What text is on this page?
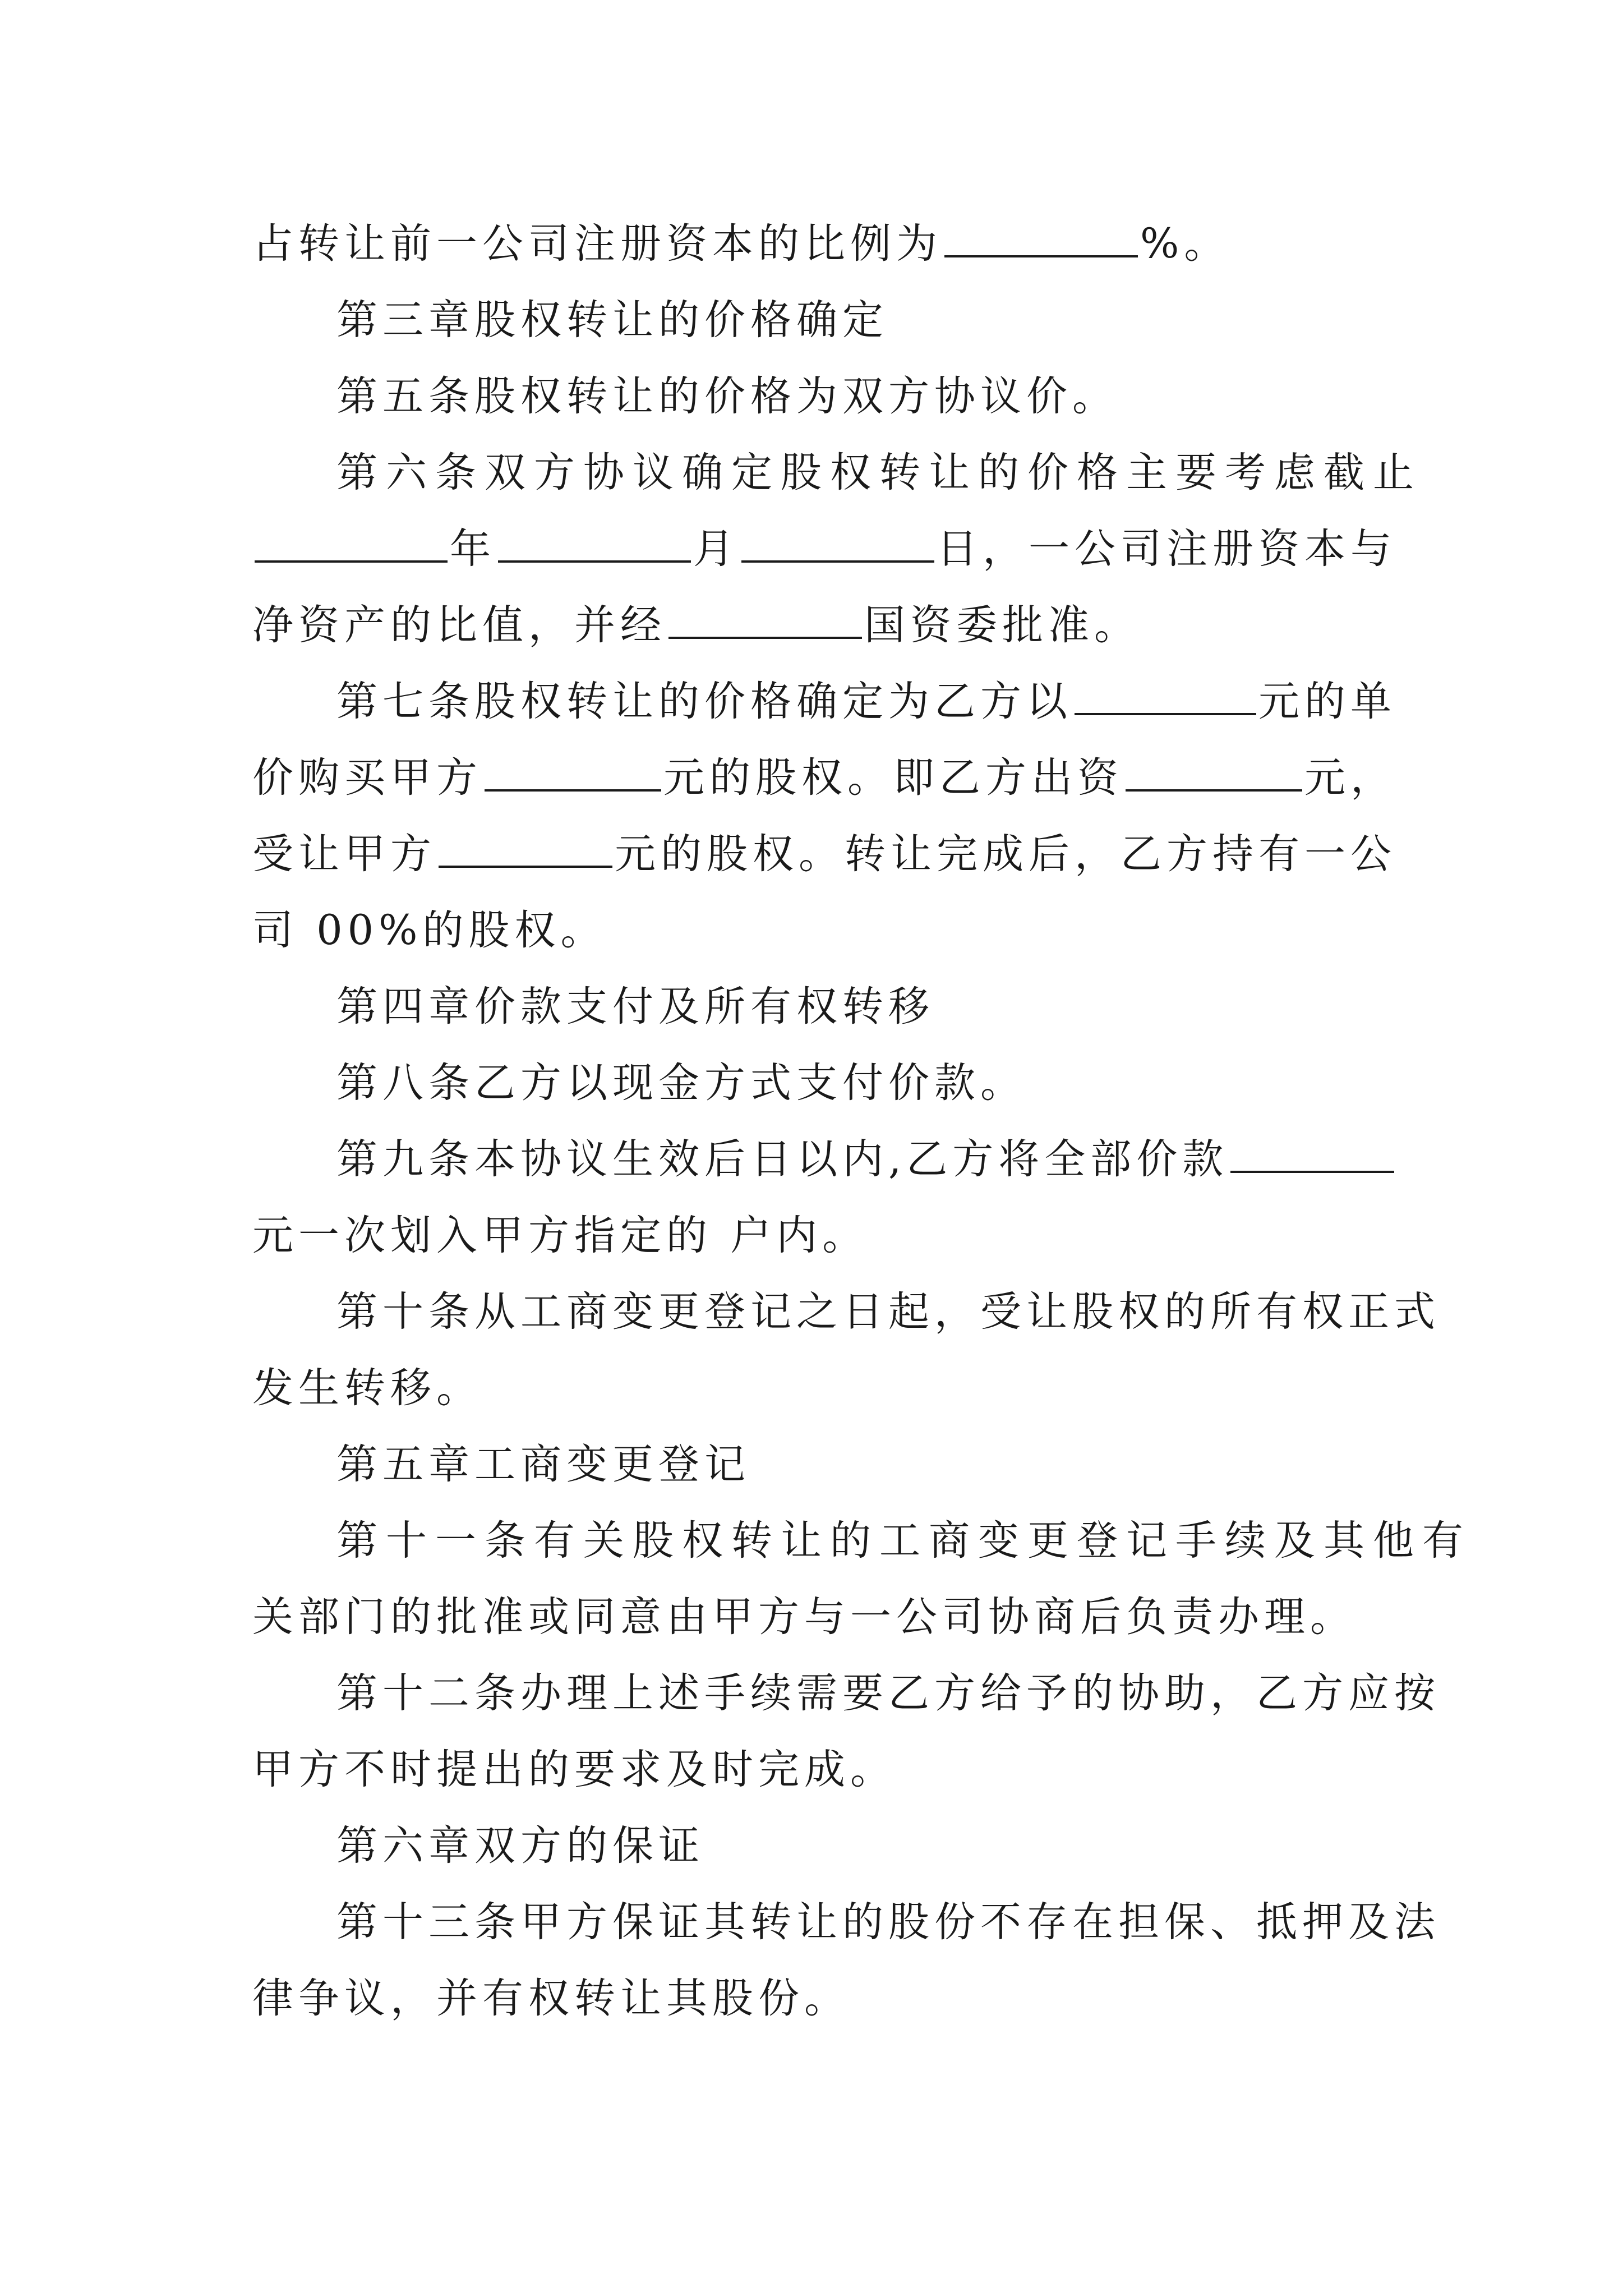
占转让前一公司注册资本的比例为	%。
第三章股权转让的价格确定
第五条股权转让的价格为双方协议价。
第六条双方协议确定股权转让的价格主要考虑截止
年	月	日，一公司注册资本与
净资产的比值，并经	国资委批准。
第七条股权转让的价格确定为乙方以	元的单
价购买甲方	元的股权。即乙方出资	元，
受让甲方	元的股权。转让完成后，乙方持有一公
司 00%的股权。
第四章价款支付及所有权转移
第八条乙方以现金方式支付价款。
第九条本协议生效后日以内,乙方将全部价款
元一次划入甲方指定的 户内。
第十条从工商变更登记之日起，受让股权的所有权正式
发生转移。
第五章工商变更登记
第十一条有关股权转让的工商变更登记手续及其他有
关部门的批准或同意由甲方与一公司协商后负责办理。
第十二条办理上述手续需要乙方给予的协助，乙方应按
甲方不时提出的要求及时完成。
第六章双方的保证
第十三条甲方保证其转让的股份不存在担保、抵押及法
律争议，并有权转让其股份。
